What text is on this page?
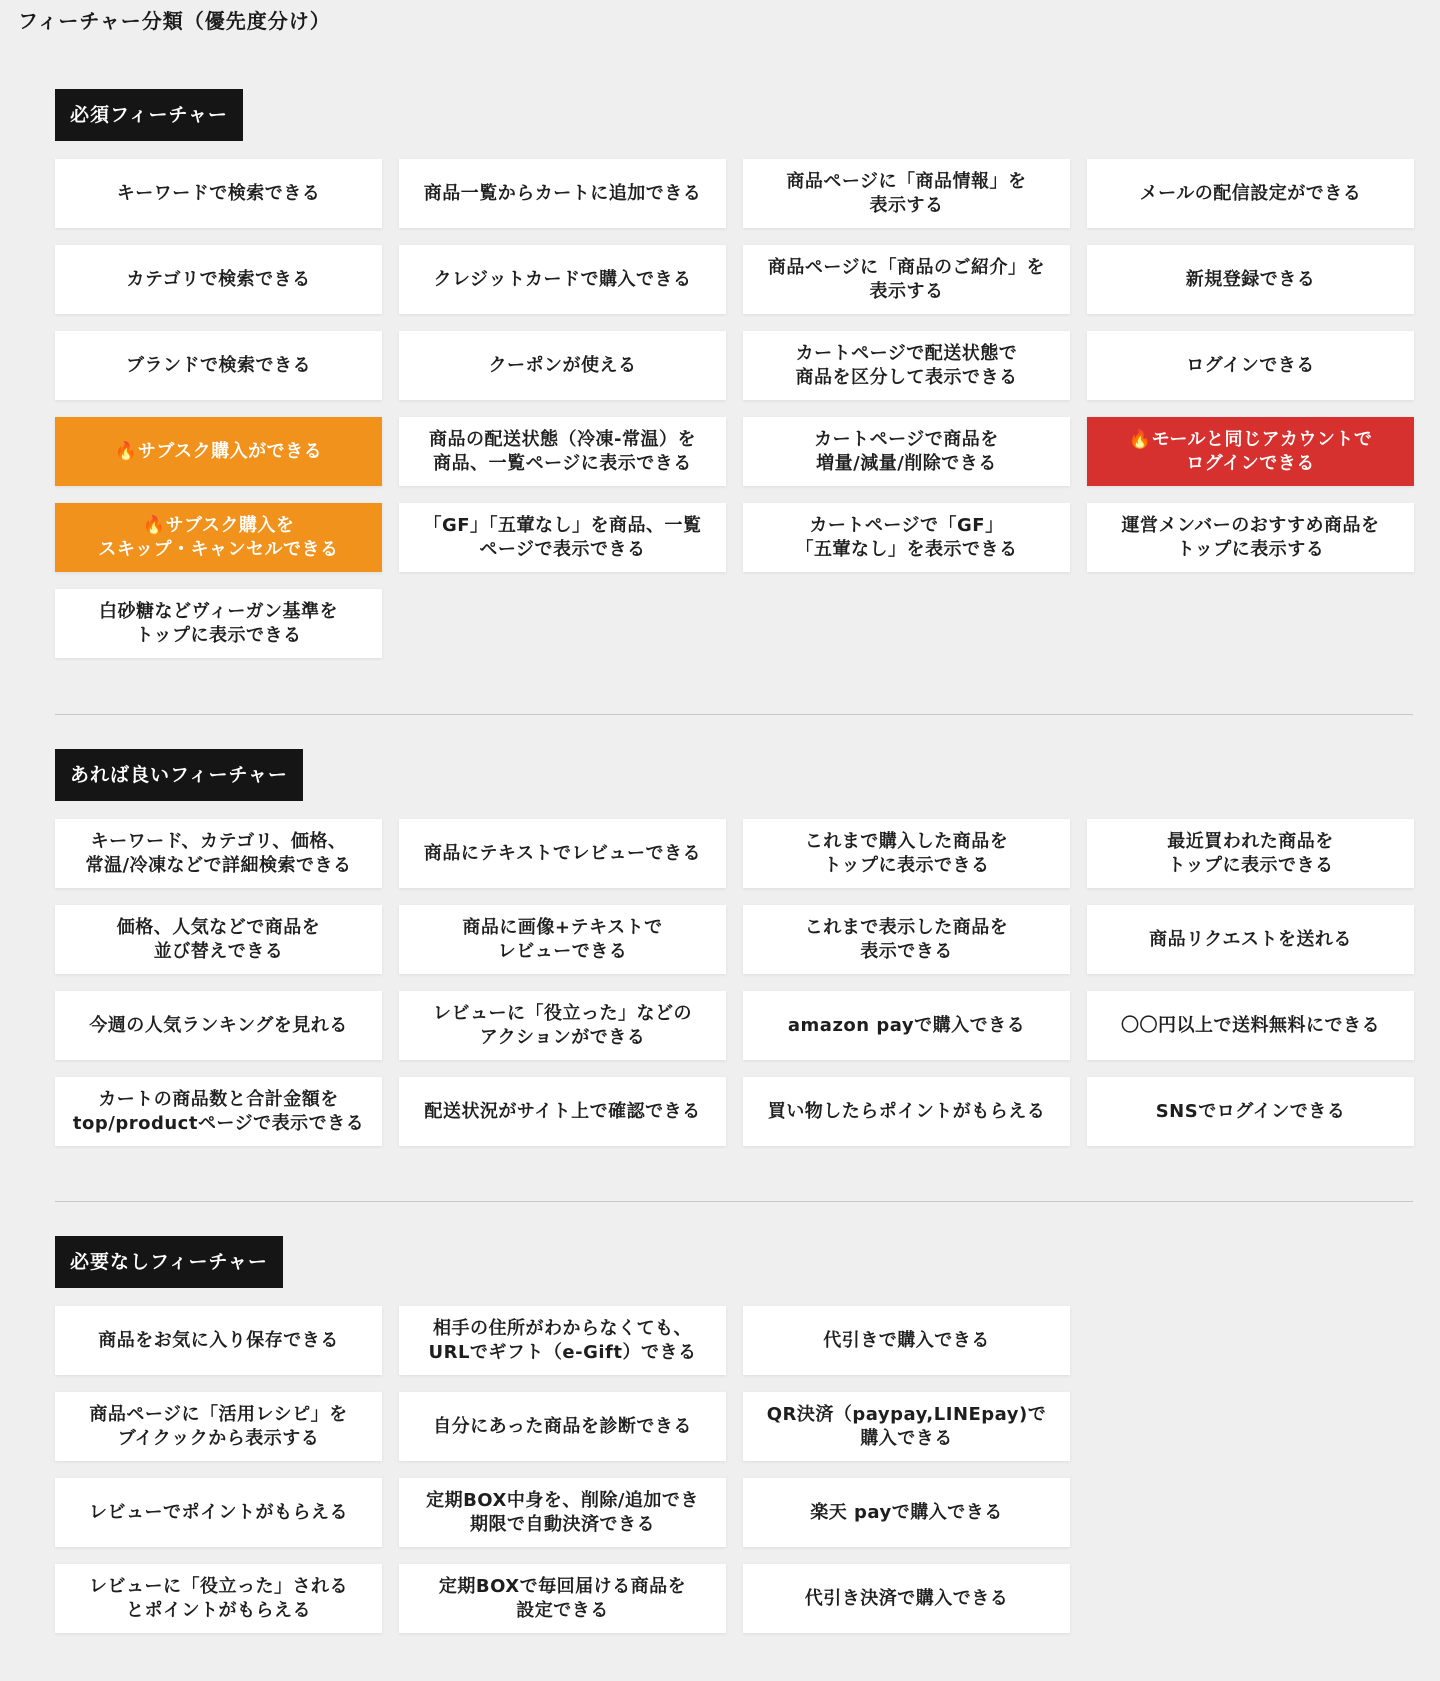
フィーチャー分類（優先度分け）
必須フィーチャー
キーワードで検索できる	商品一覧からカートに追加できる
商品ページに「商品情報」を
表示する
メールの配信設定ができる
カテゴリで検索できる	クレジットカードで購入できる
商品ページに「商品のご紹介」を
表示する
新規登録できる
ブランドで検索できる	クーポンが使える
カートページで配送状態で
商品を区分して表示できる
ログインできる
🔥サブスク購入ができる
商品の配送状態（冷凍-常温）を
商品、一覧ページに表示できる
カートページで商品を
増量/減量/削除できる
🔥モールと同じアカウントで
ログインできる
🔥サブスク購入を
スキップ・キャンセルできる
「GF」「五葷なし」を商品、一覧
ページで表示できる
カートページで「GF」
「五葷なし」を表示できる
運営メンバーのおすすめ商品を
トップに表示する
白砂糖などヴィーガン基準を
トップに表示できる
あれば良いフィーチャー
キーワード、カテゴリ、価格、
常温/冷凍などで詳細検索できる
商品にテキストでレビューできる
これまで購入した商品を
トップに表示できる
最近買われた商品を
トップに表示できる
価格、人気などで商品を
並び替えできる
商品に画像+テキストで
レビューできる
これまで表示した商品を
表示できる
商品リクエストを送れる
今週の人気ランキングを見れる
レビューに「役立った」などの
アクションができる
amazon payで購入できる	〇〇円以上で送料無料にできる
カートの商品数と合計金額を
top/productページで表示できる
配送状況がサイト上で確認できる	買い物したらポイントがもらえる	SNSでログインできる
必要なしフィーチャー
商品をお気に入り保存できる
相手の住所がわからなくても、
URLでギフト（e-Gift）できる
代引きで購入できる
商品ページに「活用レシピ」を
ブイクックから表示する
自分にあった商品を診断できる
QR決済（paypay,LINEpay)で
購入できる
レビューでポイントがもらえる
定期BOX中身を、削除/追加でき
期限で自動決済できる
楽天 payで購入できる
レビューに「役立った」される
とポイントがもらえる
定期BOXで毎回届ける商品を
設定できる
代引き決済で購入できる
